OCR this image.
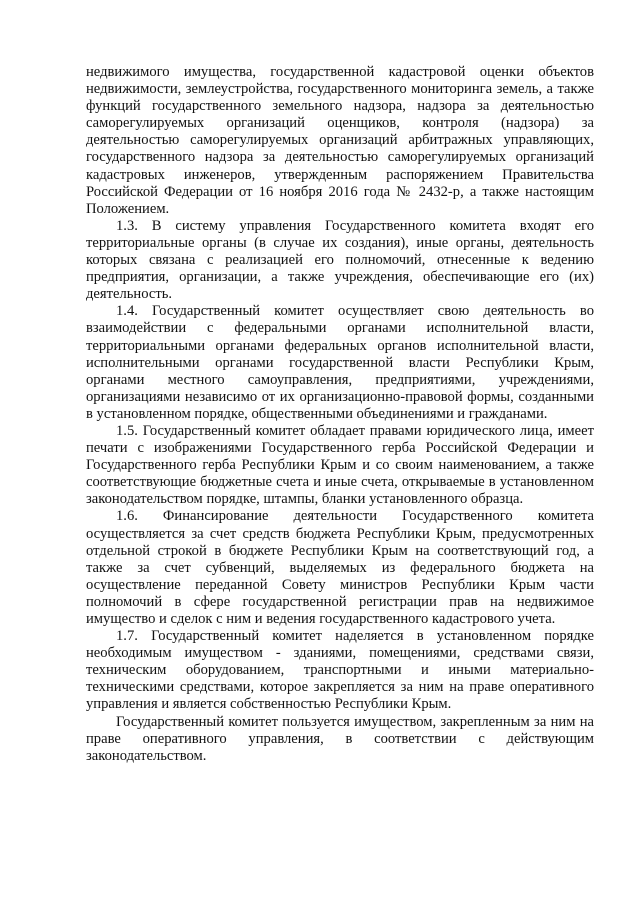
недвижимого имущества, государственной кадастровой оценки объектов недвижимости, землеустройства, государственного мониторинга земель, а также функций государственного земельного надзора, надзора за деятельностью саморегулируемых организаций оценщиков, контроля (надзора) за деятельностью саморегулируемых организаций арбитражных управляющих, государственного надзора за деятельностью саморегулируемых организаций кадастровых инженеров, утвержденным распоряжением Правительства Российской Федерации от 16 ноября 2016 года № 2432-р, а также настоящим Положением.

1.3. В систему управления Государственного комитета входят его территориальные органы (в случае их создания), иные органы, деятельность которых связана с реализацией его полномочий, отнесенные к ведению предприятия, организации, а также учреждения, обеспечивающие его (их) деятельность.

1.4. Государственный комитет осуществляет свою деятельность во взаимодействии с федеральными органами исполнительной власти, территориальными органами федеральных органов исполнительной власти, исполнительными органами государственной власти Республики Крым, органами местного самоуправления, предприятиями, учреждениями, организациями независимо от их организационно-правовой формы, созданными в установленном порядке, общественными объединениями и гражданами.

1.5. Государственный комитет обладает правами юридического лица, имеет печати с изображениями Государственного герба Российской Федерации и Государственного герба Республики Крым и со своим наименованием, а также соответствующие бюджетные счета и иные счета, открываемые в установленном законодательством порядке, штампы, бланки установленного образца.

1.6. Финансирование деятельности Государственного комитета осуществляется за счет средств бюджета Республики Крым, предусмотренных отдельной строкой в бюджете Республики Крым на соответствующий год, а также за счет субвенций, выделяемых из федерального бюджета на осуществление переданной Совету министров Республики Крым части полномочий в сфере государственной регистрации прав на недвижимое имущество и сделок с ним и ведения государственного кадастрового учета.

1.7. Государственный комитет наделяется в установленном порядке необходимым имуществом - зданиями, помещениями, средствами связи, техническим оборудованием, транспортными и иными материально-техническими средствами, которое закрепляется за ним на праве оперативного управления и является собственностью Республики Крым.

Государственный комитет пользуется имуществом, закрепленным за ним на праве оперативного управления, в соответствии с действующим законодательством.
